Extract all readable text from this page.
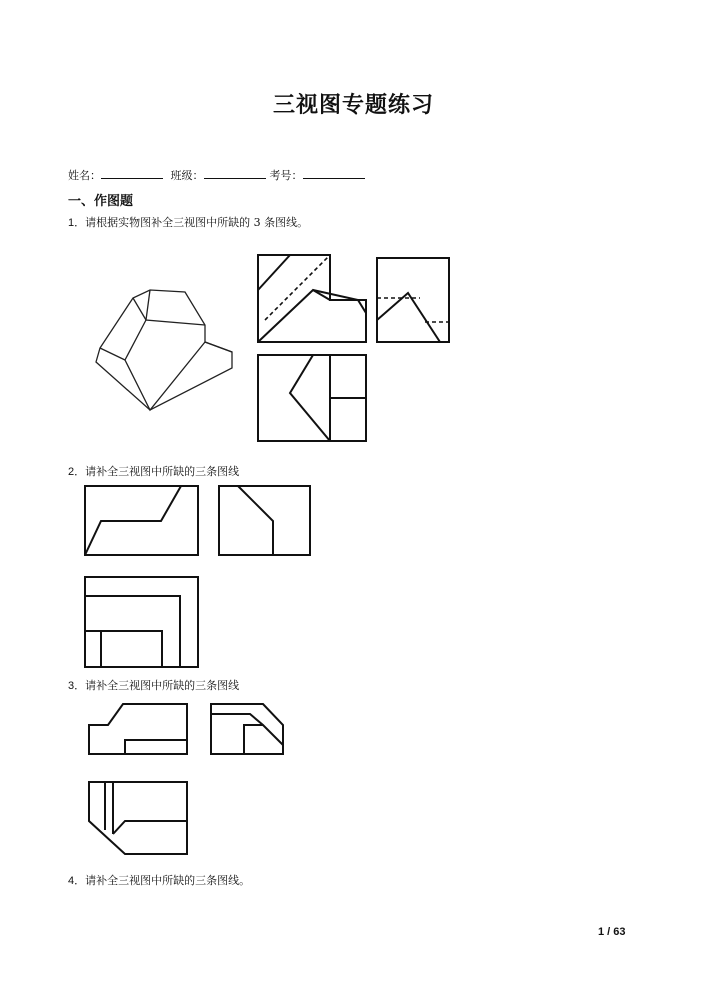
三视图专题练习
姓名：	班级：	考号：
一、作图题
1．请根据实物图补全三视图中所缺的 3 条图线。
2．请补全三视图中所缺的三条图线
3．请补全三视图中所缺的三条图线
4．请补全三视图中所缺的三条图线。
1 / 63
